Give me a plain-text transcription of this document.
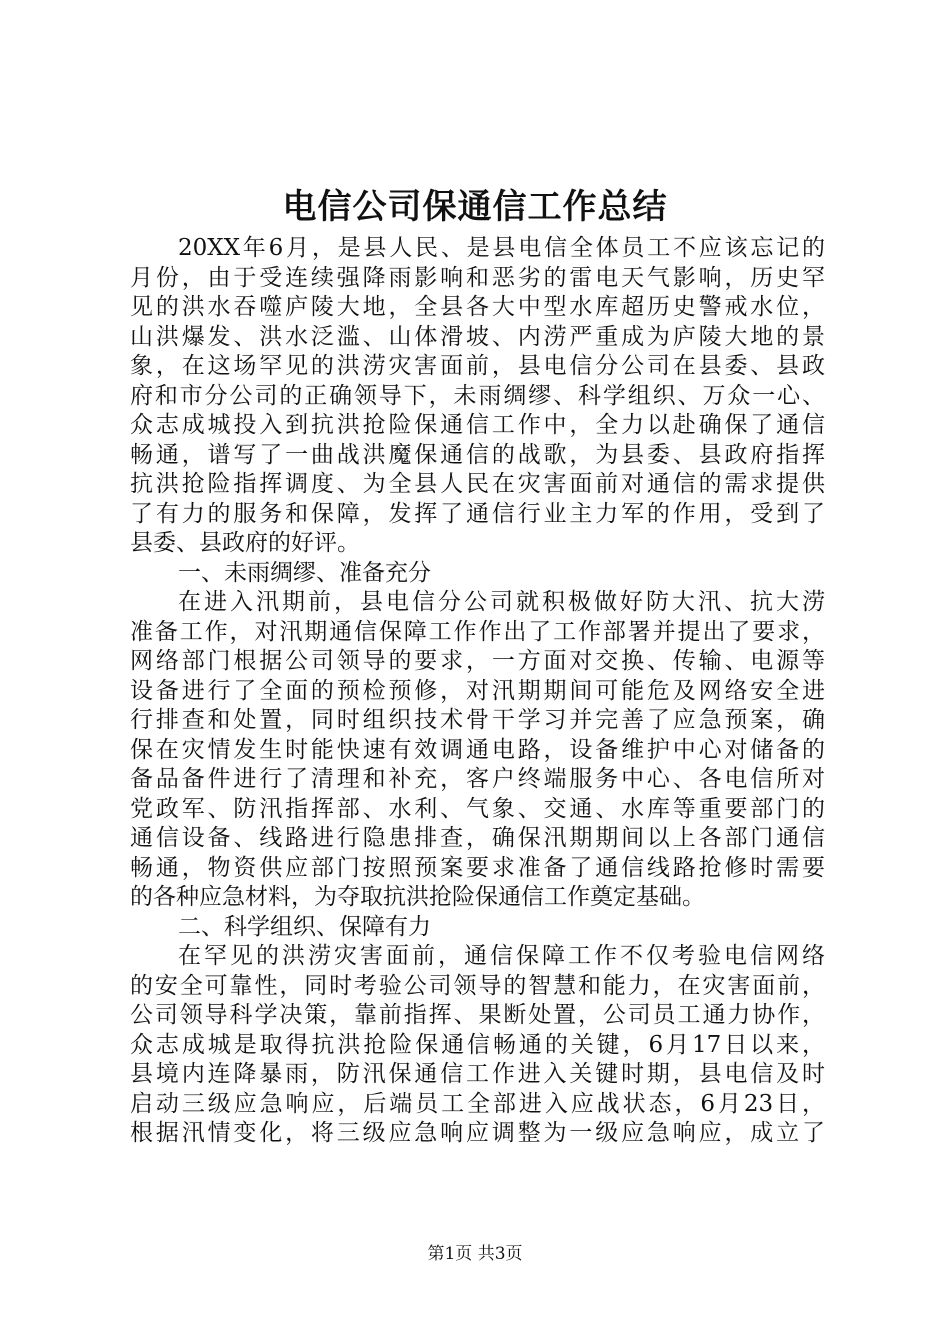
电信公司保通信工作总结
20XX年6月，是县人民、是县电信全体员工不应该忘记的
月份，由于受连续强降雨影响和恶劣的雷电天气影响，历史罕
见的洪水吞噬庐陵大地，全县各大中型水库超历史警戒水位，
山洪爆发、洪水泛滥、山体滑坡、内涝严重成为庐陵大地的景
象，在这场罕见的洪涝灾害面前，县电信分公司在县委、县政
府和市分公司的正确领导下，未雨绸缪、科学组织、万众一心、
众志成城投入到抗洪抢险保通信工作中，全力以赴确保了通信
畅通，谱写了一曲战洪魔保通信的战歌，为县委、县政府指挥
抗洪抢险指挥调度、为全县人民在灾害面前对通信的需求提供
了有力的服务和保障，发挥了通信行业主力军的作用，受到了
县委、县政府的好评。
一、未雨绸缪、准备充分
在进入汛期前，县电信分公司就积极做好防大汛、抗大涝
准备工作，对汛期通信保障工作作出了工作部署并提出了要求，
网络部门根据公司领导的要求，一方面对交换、传输、电源等
设备进行了全面的预检预修，对汛期期间可能危及网络安全进
行排查和处置，同时组织技术骨干学习并完善了应急预案，确
保在灾情发生时能快速有效调通电路，设备维护中心对储备的
备品备件进行了清理和补充，客户终端服务中心、各电信所对
党政军、防汛指挥部、水利、气象、交通、水库等重要部门的
通信设备、线路进行隐患排查，确保汛期期间以上各部门通信
畅通，物资供应部门按照预案要求准备了通信线路抢修时需要
的各种应急材料，为夺取抗洪抢险保通信工作奠定基础。
二、科学组织、保障有力
在罕见的洪涝灾害面前，通信保障工作不仅考验电信网络
的安全可靠性，同时考验公司领导的智慧和能力，在灾害面前，
公司领导科学决策，靠前指挥、果断处置，公司员工通力协作，
众志成城是取得抗洪抢险保通信畅通的关键，6月17日以来，
县境内连降暴雨，防汛保通信工作进入关键时期，县电信及时
启动三级应急响应，后端员工全部进入应战状态，6月23日，
根据汛情变化，将三级应急响应调整为一级应急响应，成立了
第1页 共3页
